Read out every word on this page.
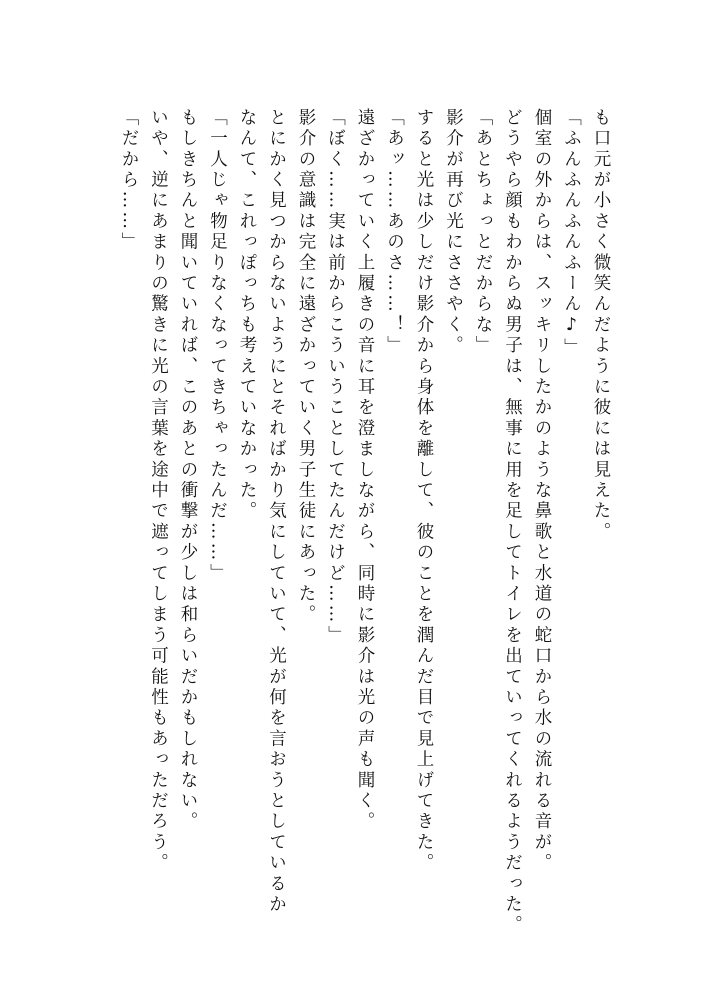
も口元が小さく微笑んだように彼には見えた。
「ふんふんふんふーん♪」
個室の外からは、スッキリしたかのような鼻歌と水道の蛇口から水の流れる音が。
どうやら顔もわからぬ男子は、無事に用を足してトイレを出ていってくれるようだった。
「あとちょっとだからな」
影介が再び光にささやく。
すると光は少しだけ影介から身体を離して、彼のことを潤んだ目で見上げてきた。
「あッ……あのさ……！」
遠ざかっていく上履きの音に耳を澄ましながら、同時に影介は光の声も聞く。
「ぼく……実は前からこういうことしてたんだけど……」
影介の意識は完全に遠ざかっていく男子生徒にあった。
とにかく見つからないようにとそればかり気にしていて、光が何を言おうとしているか
なんて、これっぽっちも考えていなかった。
「一人じゃ物足りなくなってきちゃったんだ……」
もしきちんと聞いていれば、このあとの衝撃が少しは和らいだかもしれない。
いや、逆にあまりの驚きに光の言葉を途中で遮ってしまう可能性もあっただろう。
「だから……」
